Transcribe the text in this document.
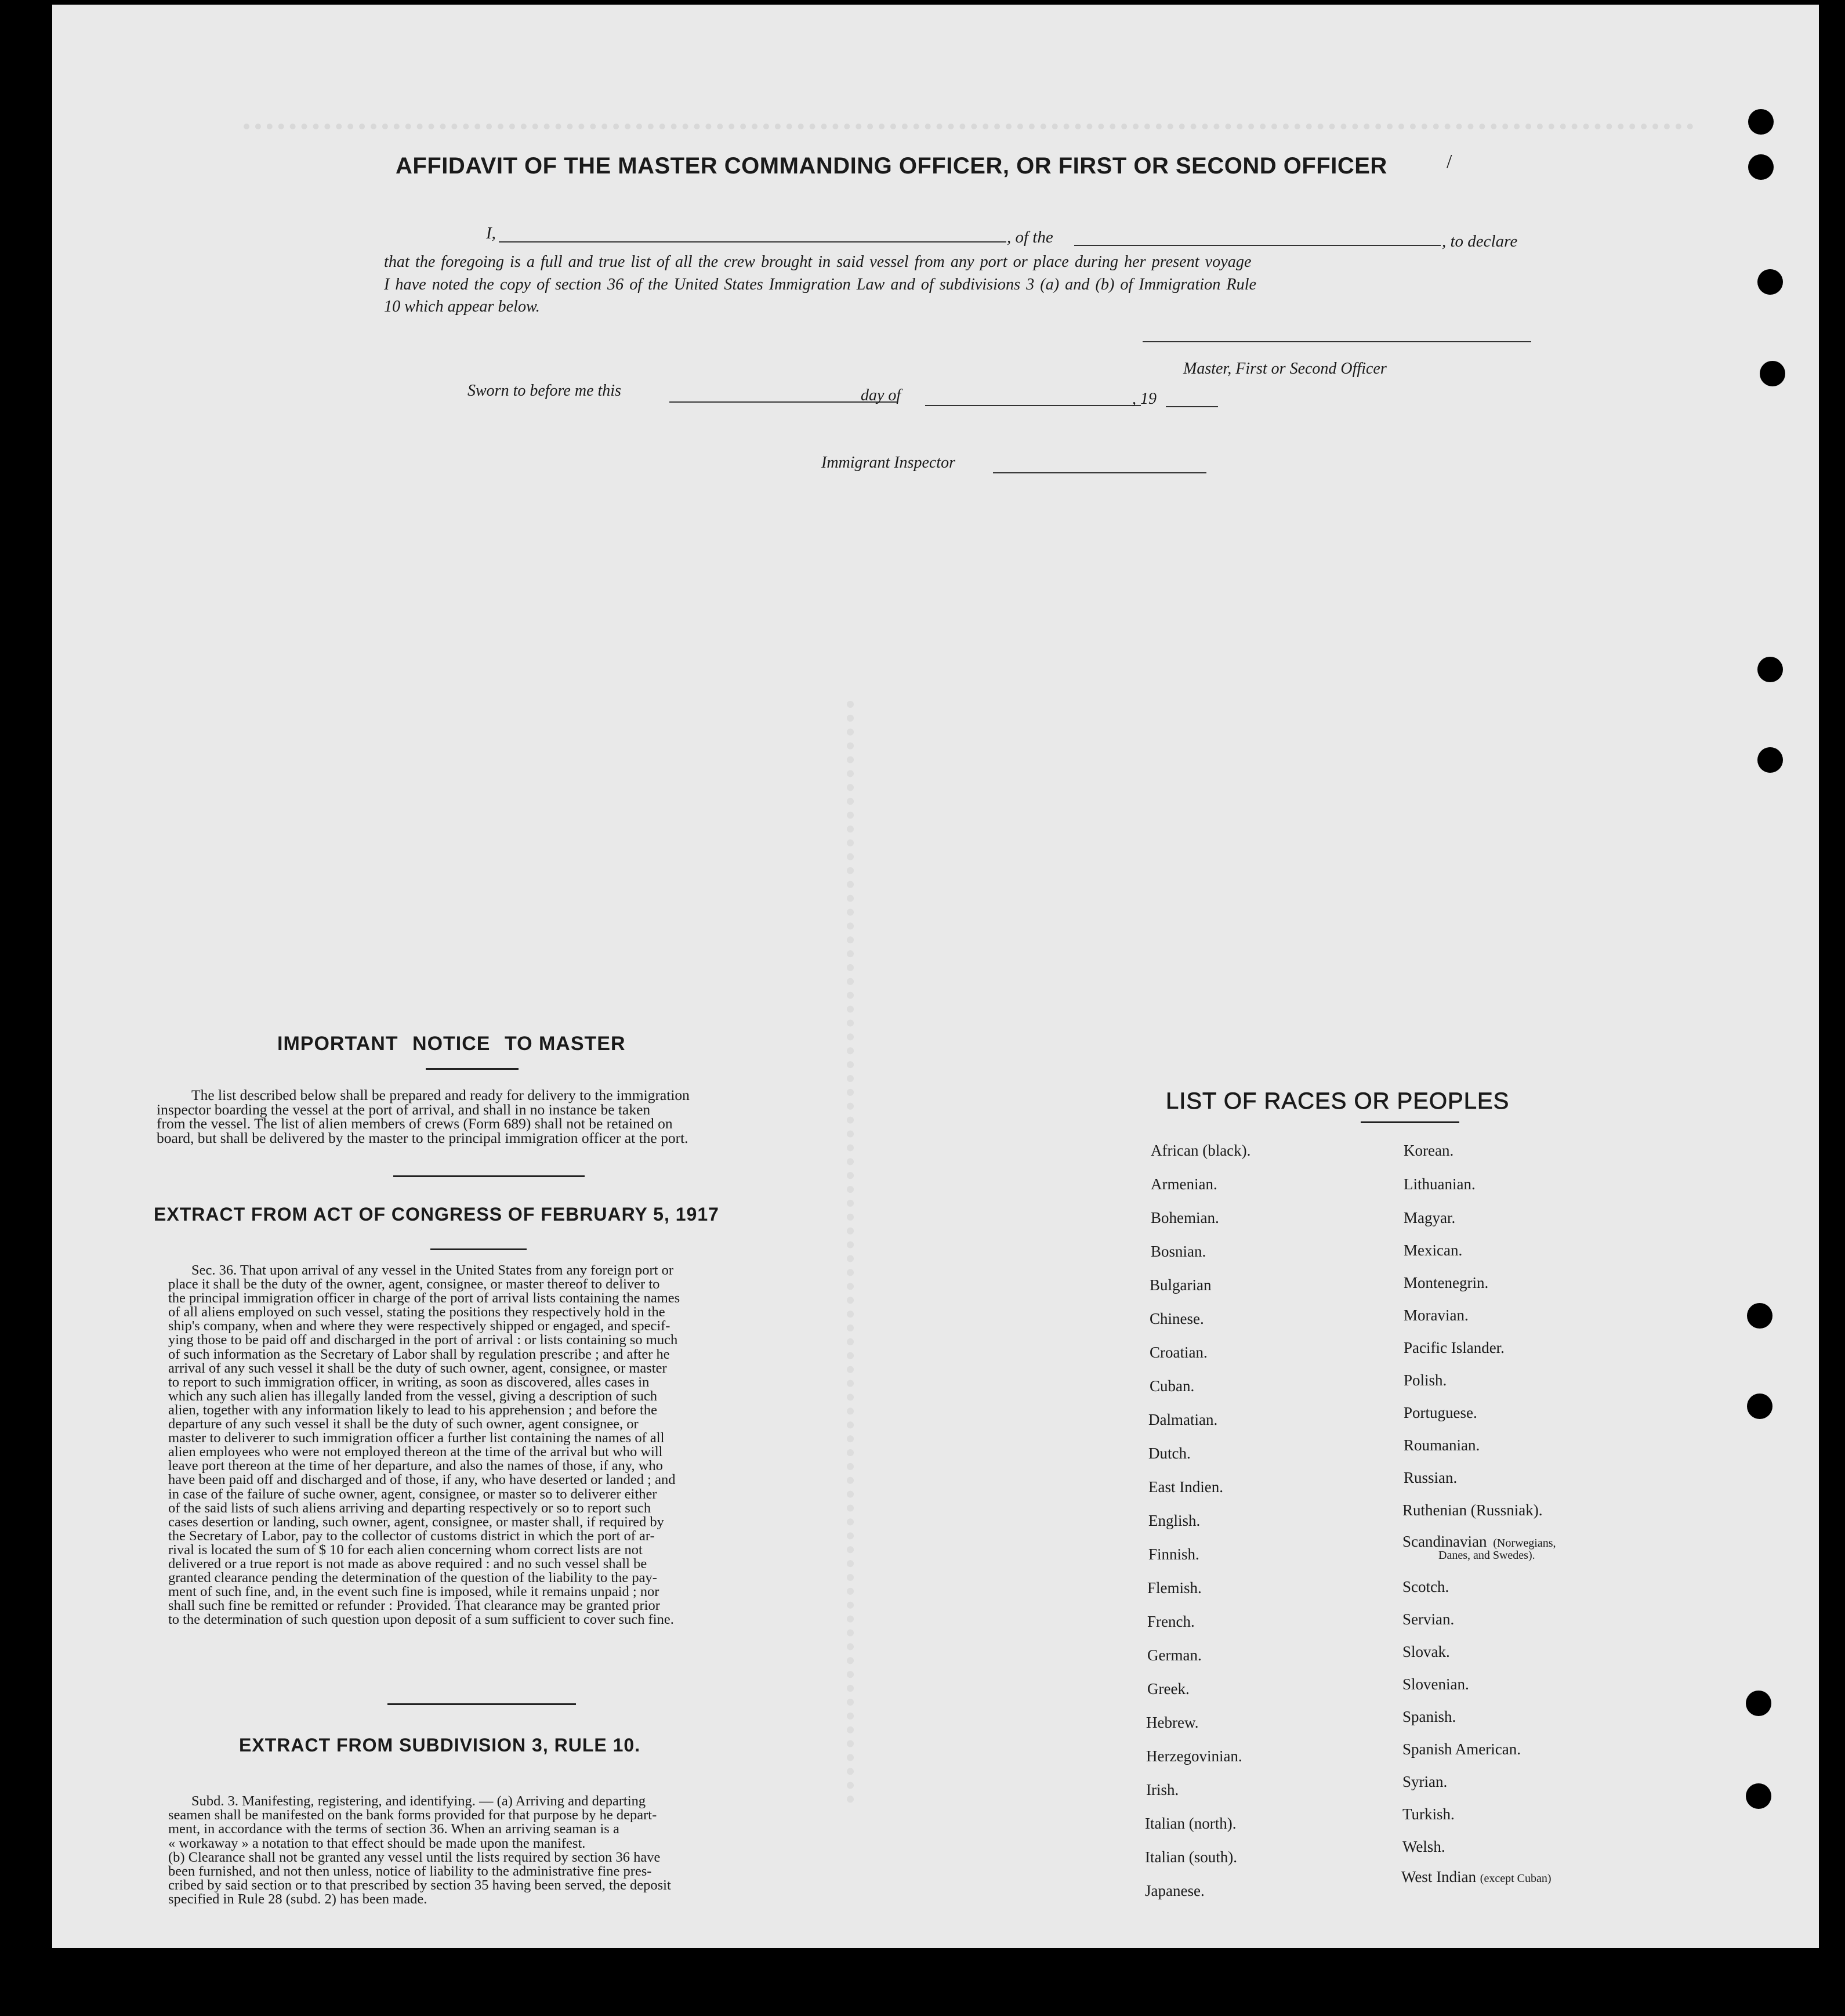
/
AFFIDAVIT OF THE MASTER COMMANDING OFFICER, OR FIRST OR SECOND OFFICER
I,	, of the	, to declare
that the foregoing is a full and true list of all the crew brought in said vessel from any port or place during her present voyage
I have noted the copy of section 36 of the United States Immigration Law and of subdivisions 3 (a) and (b) of Immigration Rule
10 which appear below.
Master, First or Second Officer
Sworn to before me this	day of	, 19
Immigrant Inspector
IMPORTANT NOTICE TO MASTER
The list described below shall be prepared and ready for delivery to the immigration
inspector boarding the vessel at the port of arrival, and shall in no instance be taken
from the vessel. The list of alien members of crews (Form 689) shall not be retained on
board, but shall be delivered by the master to the principal immigration officer at the port.
EXTRACT FROM ACT OF CONGRESS OF FEBRUARY 5, 1917
Sec. 36. That upon arrival of any vessel in the United States from any foreign port or
place it shall be the duty of the owner, agent, consignee, or master thereof to deliver to
the principal immigration officer in charge of the port of arrival lists containing the names
of all aliens employed on such vessel, stating the positions they respectively hold in the
ship's company, when and where they were respectively shipped or engaged, and specif-
ying those to be paid off and discharged in the port of arrival : or lists containing so much
of such information as the Secretary of Labor shall by regulation prescribe ; and after he
arrival of any such vessel it shall be the duty of such owner, agent, consignee, or master
to report to such immigration officer, in writing, as soon as discovered, alles cases in
which any such alien has illegally landed from the vessel, giving a description of such
alien, together with any information likely to lead to his apprehension ; and before the
departure of any such vessel it shall be the duty of such owner, agent consignee, or
master to deliverer to such immigration officer a further list containing the names of all
alien employees who were not employed thereon at the time of the arrival but who will
leave port thereon at the time of her departure, and also the names of those, if any, who
have been paid off and discharged and of those, if any, who have deserted or landed ; and
in case of the failure of suche owner, agent, consignee, or master so to deliverer either
of the said lists of such aliens arriving and departing respectively or so to report such
cases desertion or landing, such owner, agent, consignee, or master shall, if required by
the Secretary of Labor, pay to the collector of customs district in which the port of ar-
rival is located the sum of $ 10 for each alien concerning whom correct lists are not
delivered or a true report is not made as above required : and no such vessel shall be
granted clearance pending the determination of the question of the liability to the pay-
ment of such fine, and, in the event such fine is imposed, while it remains unpaid ; nor
shall such fine be remitted or refunder : Provided. That clearance may be granted prior
to the determination of such question upon deposit of a sum sufficient to cover such fine.
EXTRACT FROM SUBDIVISION 3, RULE 10.
Subd. 3. Manifesting, registering, and identifying. — (a) Arriving and departing
seamen shall be manifested on the bank forms provided for that purpose by he depart-
ment, in accordance with the terms of section 36. When an arriving seaman is a
« workaway » a notation to that effect should be made upon the manifest.
(b) Clearance shall not be granted any vessel until the lists required by section 36 have
been furnished, and not then unless, notice of liability to the administrative fine pres-
cribed by said section or to that prescribed by section 35 having been served, the deposit
specified in Rule 28 (subd. 2) has been made.
LIST OF RACES OR PEOPLES
African (black).
Armenian.
Bohemian.
Bosnian.
Bulgarian
Chinese.
Croatian.
Cuban.
Dalmatian.
Dutch.
East Indien.
English.
Finnish.
Flemish.
French.
German.
Greek.
Hebrew.
Herzegovinian.
Irish.
Italian (north).
Italian (south).
Japanese.
Korean.
Lithuanian.
Magyar.
Mexican.
Montenegrin.
Moravian.
Pacific Islander.
Polish.
Portuguese.
Roumanian.
Russian.
Ruthenian (Russniak).
Scandinavian (Norwegians,
Danes, and Swedes).
Scotch.
Servian.
Slovak.
Slovenian.
Spanish.
Spanish American.
Syrian.
Turkish.
Welsh.
West Indian (except Cuban)
